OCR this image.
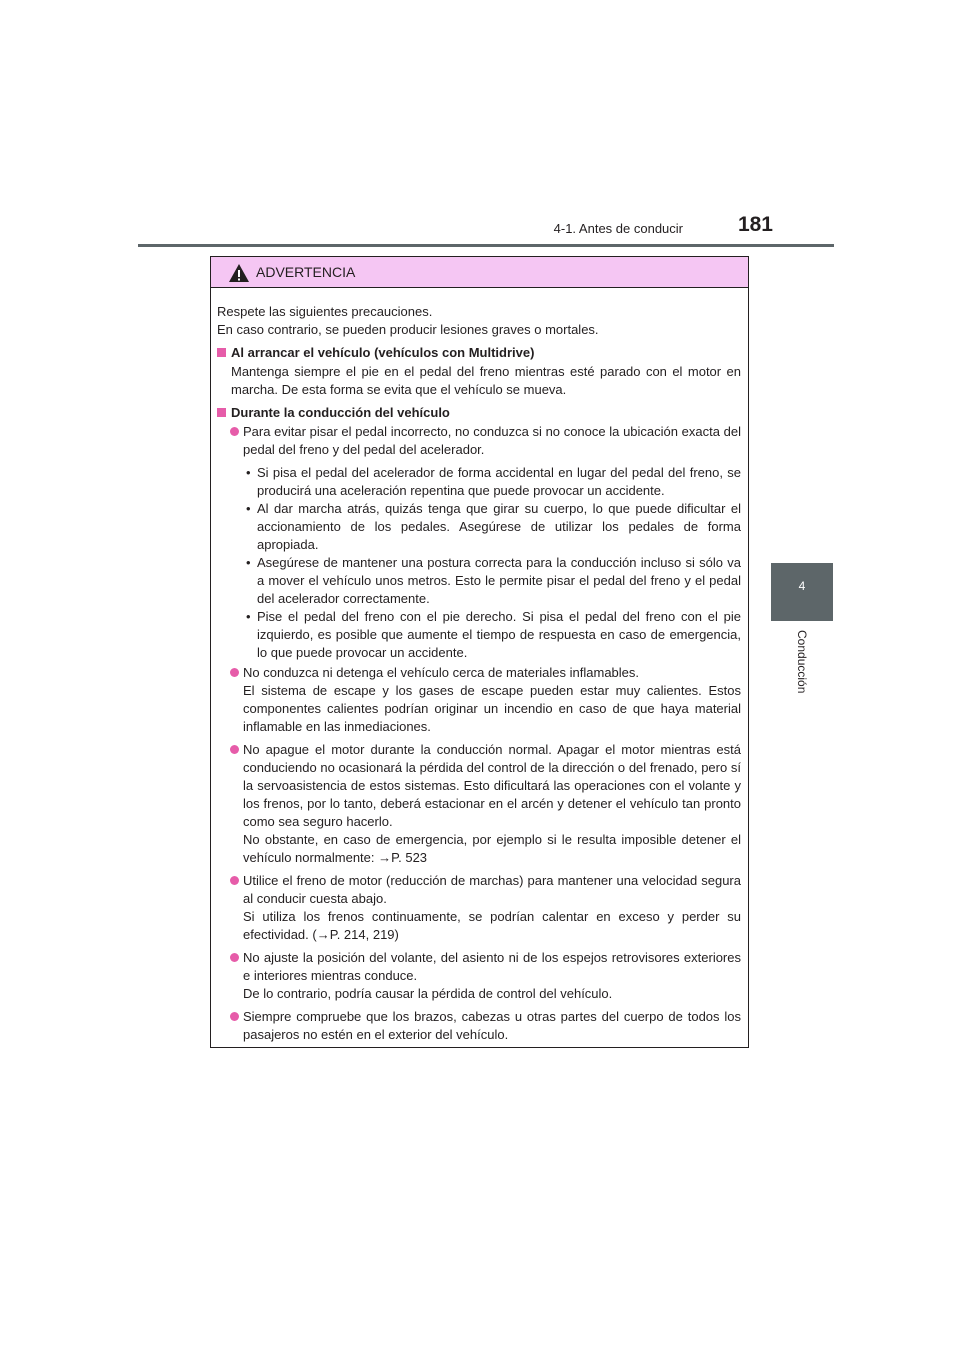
4-1. Antes de conducir	181
4
Conducción
ADVERTENCIA

Respete las siguientes precauciones.
En caso contrario, se pueden producir lesiones graves o mortales.

Al arrancar el vehículo (vehículos con Multidrive)

Mantenga siempre el pie en el pedal del freno mientras esté parado con el motor en marcha. De esta forma se evita que el vehículo se mueva.

Durante la conducción del vehículo

Para evitar pisar el pedal incorrecto, no conduzca si no conoce la ubicación exacta del pedal del freno y del pedal del acelerador.

• Si pisa el pedal del acelerador de forma accidental en lugar del pedal del freno, se producirá una aceleración repentina que puede provocar un accidente.

• Al dar marcha atrás, quizás tenga que girar su cuerpo, lo que puede dificultar el accionamiento de los pedales. Asegúrese de utilizar los pedales de forma apropiada.

• Asegúrese de mantener una postura correcta para la conducción incluso si sólo va a mover el vehículo unos metros. Esto le permite pisar el pedal del freno y el pedal del acelerador correctamente.

• Pise el pedal del freno con el pie derecho. Si pisa el pedal del freno con el pie izquierdo, es posible que aumente el tiempo de respuesta en caso de emergencia, lo que puede provocar un accidente.

No conduzca ni detenga el vehículo cerca de materiales inflamables.
El sistema de escape y los gases de escape pueden estar muy calientes. Estos componentes calientes podrían originar un incendio en caso de que haya material inflamable en las inmediaciones.
No apague el motor durante la conducción normal. Apagar el motor mientras está conduciendo no ocasionará la pérdida del control de la dirección o del frenado, pero sí la servoasistencia de estos sistemas. Esto dificultará las operaciones con el volante y los frenos, por lo tanto, deberá estacionar en el arcén y detener el vehículo tan pronto como sea seguro hacerlo.
No obstante, en caso de emergencia, por ejemplo si le resulta imposible detener el vehículo normalmente: →P. 523
Utilice el freno de motor (reducción de marchas) para mantener una velocidad segura al conducir cuesta abajo.
Si utiliza los frenos continuamente, se podrían calentar en exceso y perder su efectividad. (→P. 214, 219)
No ajuste la posición del volante, del asiento ni de los espejos retrovisores exteriores e interiores mientras conduce.
De lo contrario, podría causar la pérdida de control del vehículo.
Siempre compruebe que los brazos, cabezas u otras partes del cuerpo de todos los pasajeros no estén en el exterior del vehículo.
